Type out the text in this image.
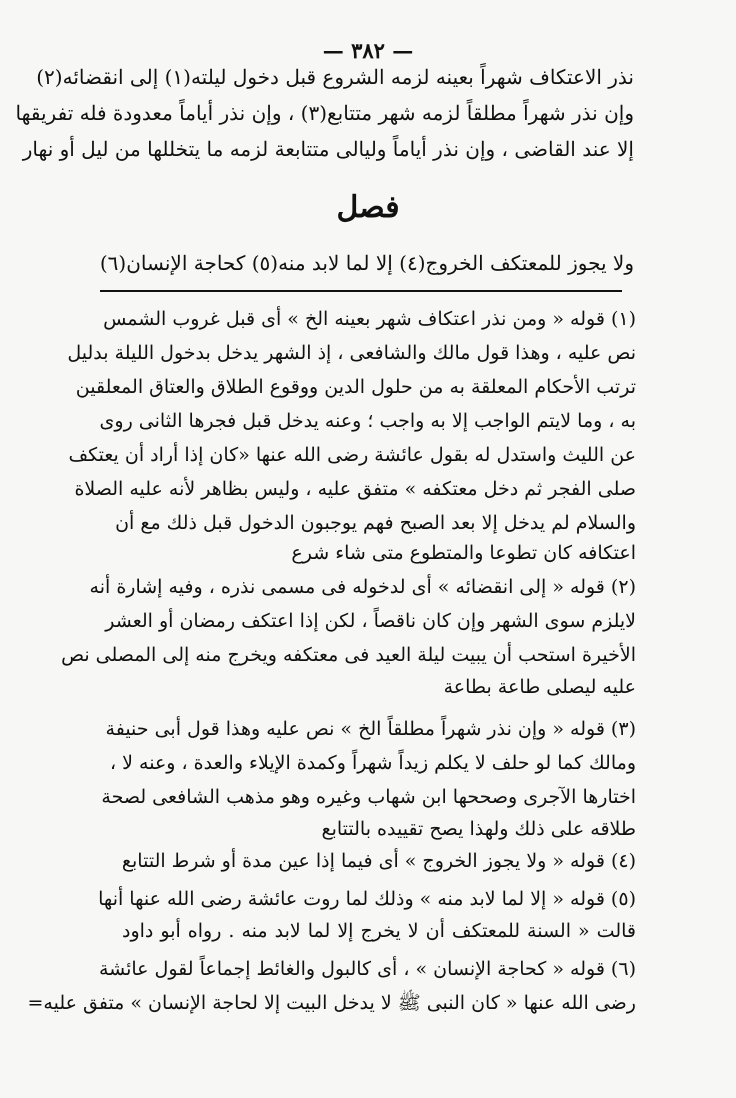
— ٣٨٢ —
نذر الاعتكاف شهراً بعينه لزمه الشروع قبل دخول ليلته(١) إلى انقضائه(٢)
وإن نذر شهراً مطلقاً لزمه شهر متتابع(٣) ، وإن نذر أياماً معدودة فله تفريقها
إلا عند القاضى ، وإن نذر أياماً وليالى متتابعة لزمه ما يتخللها من ليل أو نهار
فصل
ولا يجوز للمعتكف الخروج(٤) إلا لما لابد منه(٥) كحاجة الإنسان(٦)
(١) قوله « ومن نذر اعتكاف شهر بعينه الخ » أى قبل غروب الشمس
نص عليه ، وهذا قول مالك والشافعى ، إذ الشهر يدخل بدخول الليلة بدليل
ترتب الأحكام المعلقة به من حلول الدين ووقوع الطلاق والعتاق المعلقين
به ، وما لايتم الواجب إلا به واجب ؛ وعنه يدخل قبل فجرها الثانى روى
عن الليث واستدل له بقول عائشة رضى الله عنها «كان إذا أراد أن يعتكف
صلى الفجر ثم دخل معتكفه » متفق عليه ، وليس بظاهر لأنه عليه الصلاة
والسلام لم يدخل إلا بعد الصبح فهم يوجبون الدخول قبل ذلك مع أن
اعتكافه كان تطوعا والمتطوع متى شاء شرع
(٢) قوله « إلى انقضائه » أى لدخوله فى مسمى نذره ، وفيه إشارة أنه
لايلزم سوى الشهر وإن كان ناقصاً ، لكن إذا اعتكف رمضان أو العشر
الأخيرة استحب أن يبيت ليلة العيد فى معتكفه ويخرج منه إلى المصلى نص
عليه ليصلى طاعة بطاعة
(٣) قوله « وإن نذر شهراً مطلقاً الخ » نص عليه وهذا قول أبى حنيفة
ومالك كما لو حلف لا يكلم زيداً شهراً وكمدة الإيلاء والعدة ، وعنه لا ،
اختارها الآجرى وصححها ابن شهاب وغيره وهو مذهب الشافعى لصحة
طلاقه على ذلك ولهذا يصح تقييده بالتتابع
(٤) قوله « ولا يجوز الخروج » أى فيما إذا عين مدة أو شرط التتابع
(٥) قوله « إلا لما لابد منه » وذلك لما روت عائشة رضى الله عنها أنها
قالت « السنة للمعتكف أن لا يخرج إلا لما لابد منه . رواه أبو داود
(٦) قوله « كحاجة الإنسان » ، أى كالبول والغائط إجماعاً لقول عائشة
رضى الله عنها « كان النبى ﷺ لا يدخل البيت إلا لحاجة الإنسان » متفق عليه=
